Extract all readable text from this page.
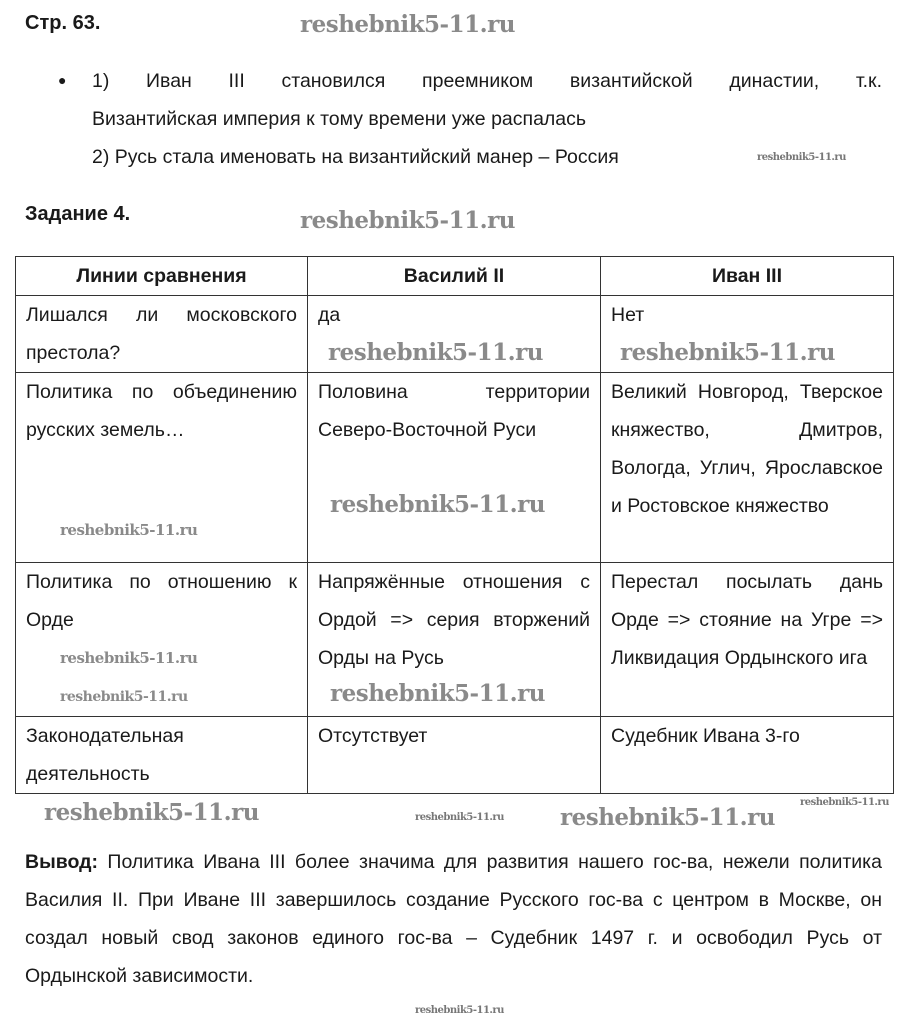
Стр. 63.
● 1) Иван III становился преемником византийской династии, т.к.
Византийская империя к тому времени уже распалась
2) Русь стала именовать на византийский манер – Россия
Задание 4.
Линии сравнения	Василий II	Иван III
Лишался ли московского престола?	да	Нет
Политика по объединению русских земель…	Половина территории Северо-Восточной Руси	Великий Новгород, Тверское княжество, Дмитров, Вологда, Углич, Ярославское и Ростовское княжество
Политика по отношению к Орде	Напряжённые отношения с Ордой => серия вторжений Орды на Русь	Перестал посылать дань Орде => стояние на Угре => Ликвидация Ордынского ига
Законодательная деятельность	Отсутствует	Судебник Ивана 3-го
Вывод: Политика Ивана III более значима для развития нашего гос-ва, нежели политика Василия II. При Иване III завершилось создание Русского гос-ва с центром в Москве, он создал новый свод законов единого гос-ва – Судебник 1497 г. и освободил Русь от Ордынской зависимости.
reshebnik5-11.ru
reshebnik5-11.ru
reshebnik5-11.ru
reshebnik5-11.ru	reshebnik5-11.ru
reshebnik5-11.ru
reshebnik5-11.ru
reshebnik5-11.ru
reshebnik5-11.ru
reshebnik5-11.ru
reshebnik5-11.ru
reshebnik5-11.ru	reshebnik5-11.ru reshebnik5-11.ru
reshebnik5-11.ru
